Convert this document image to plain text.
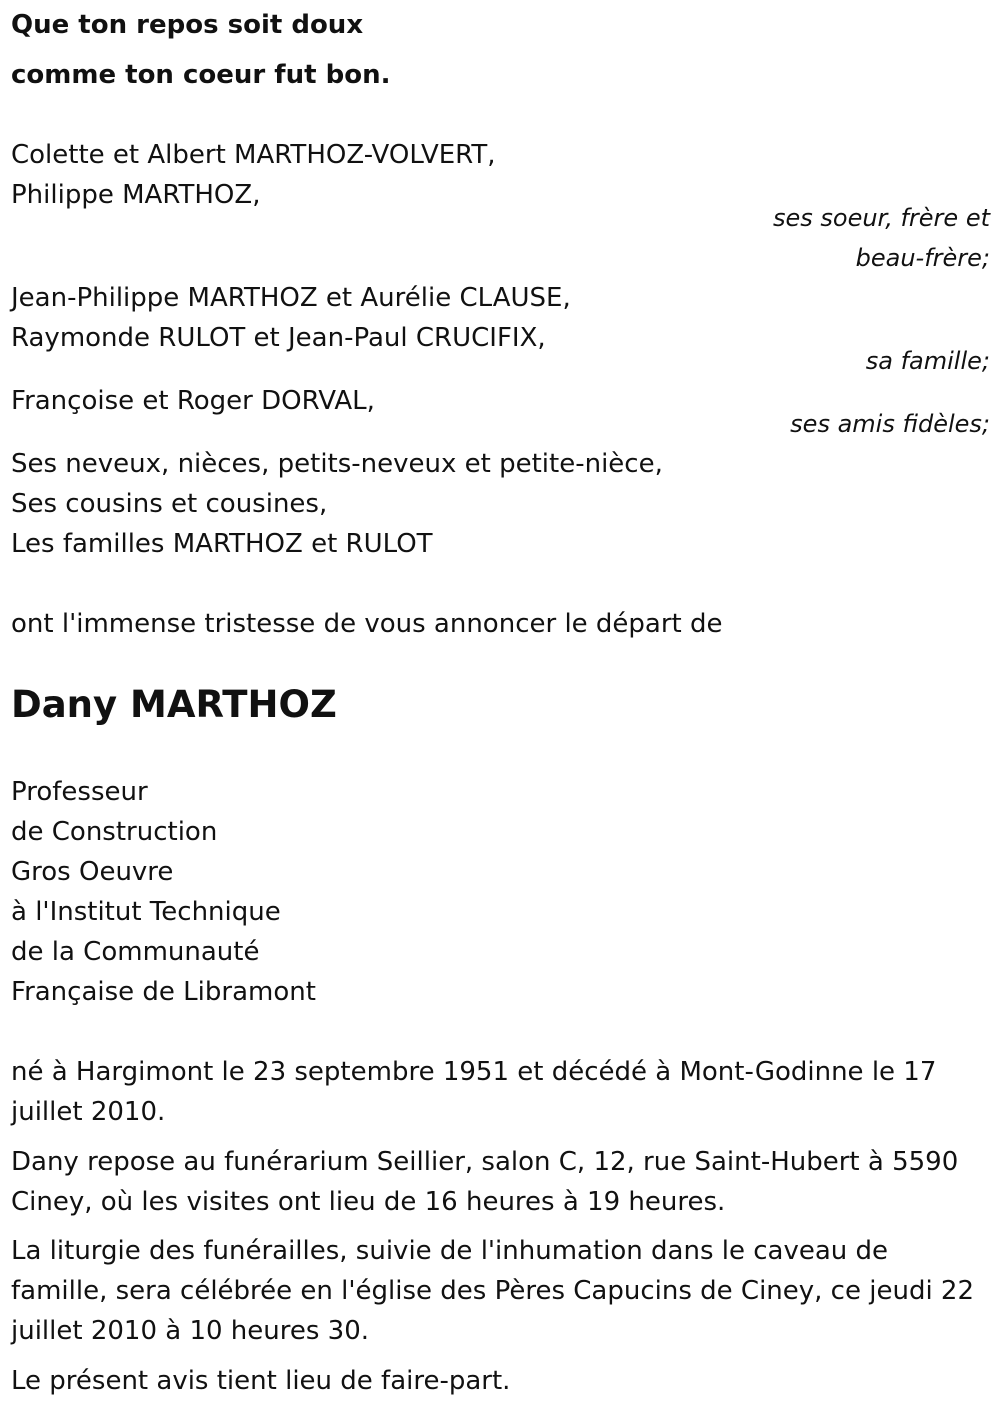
Que ton repos soit doux
comme ton coeur fut bon.
Colette et Albert MARTHOZ-VOLVERT,
Philippe MARTHOZ,
ses soeur, frère et
beau-frère;
Jean-Philippe MARTHOZ et Aurélie CLAUSE,
Raymonde RULOT et Jean-Paul CRUCIFIX,
sa famille;
Françoise et Roger DORVAL,
ses amis fidèles;
Ses neveux, nièces, petits-neveux et petite-nièce,
Ses cousins et cousines,
Les familles MARTHOZ et RULOT
ont l'immense tristesse de vous annoncer le départ de
Dany MARTHOZ
Professeur
de Construction
Gros Oeuvre
à l'Institut Technique
de la Communauté
Française de Libramont
né à Hargimont le 23 septembre 1951 et décédé à Mont-Godinne le 17
juillet 2010.
Dany repose au funérarium Seillier, salon C, 12, rue Saint-Hubert à 5590
Ciney, où les visites ont lieu de 16 heures à 19 heures.
La liturgie des funérailles, suivie de l'inhumation dans le caveau de
famille, sera célébrée en l'église des Pères Capucins de Ciney, ce jeudi 22
juillet 2010 à 10 heures 30.
Le présent avis tient lieu de faire-part.
